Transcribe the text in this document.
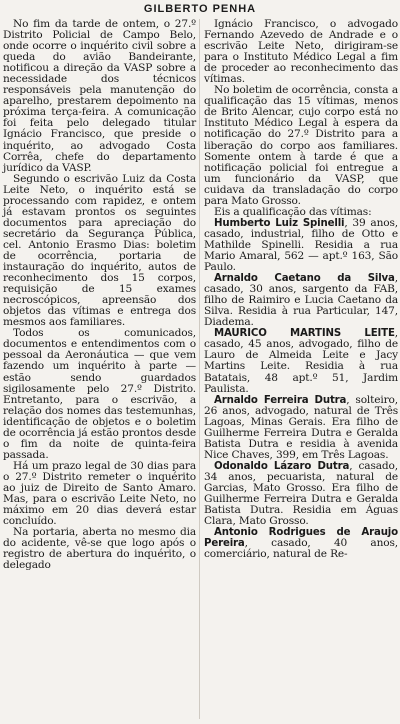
GILBERTO PENHA

No fim da tarde de ontem, o 27.º Distrito Policial de Campo Belo, onde ocorre o inquérito civil sobre a queda do avião Bandeirante, notificou a direção da VASP sobre a necessidade dos técnicos responsáveis pela manutenção do aparelho, prestarem depoimento na próxima terça-feira. A comunicação foi feita pelo delegado titular Ignácio Francisco, que preside o inquérito, ao advogado Costa Corrêa, chefe do departamento jurídico da VASP.

Segundo o escrivão Luiz da Costa Leite Neto, o inquérito está se processando com rapidez, e ontem já estavam prontos os seguintes documentos para apreciação do secretário da Segurança Pública, cel. Antonio Erasmo Dias: boletim de ocorrência, portaria de instauração do inquérito, autos de reconhecimento dos 15 corpos, requisição de 15 exames necroscópicos, apreensão dos objetos das vítimas e entrega dos mesmos aos familiares.

Todos os comunicados, documentos e entendimentos com o pessoal da Aeronáutica — que vem fazendo um inquérito à parte — estão sendo guardados sigilosamente pelo 27.º Distrito. Entretanto, para o escrivão, a relação dos nomes das testemunhas, identificação de objetos e o boletim de ocorrência já estão prontos desde o fim da noite de quinta-feira passada.

Há um prazo legal de 30 dias para o 27.º Distrito remeter o inquérito ao juiz de Direito de Santo Amaro. Mas, para o escrivão Leite Neto, no máximo em 20 dias deverá estar concluído.

Na portaria, aberta no mesmo dia do acidente, vê-se que logo após o registro de abertura do inquérito, o delegado

Ignácio Francisco, o advogado Fernando Azevedo de Andrade e o escrivão Leite Neto, dirigiram-se para o Instituto Médico Legal a fim de proceder ao reconhecimento das vítimas.

No boletim de ocorrência, consta a qualificação das 15 vítimas, menos de Brito Alencar, cujo corpo está no Instituto Médico Legal à espera da notificação do 27.º Distrito para a liberação do corpo aos familiares. Somente ontem à tarde é que a notificação policial foi entregue a um funcionário da VASP, que cuidava da transladação do corpo para Mato Grosso.

Eis a qualificação das vítimas:

Humberto Luiz Spinelli, 39 anos, casado, industrial, filho de Otto e Mathilde Spinelli. Residia a rua Mario Amaral, 562 — apt.º 163, São Paulo.

Arnaldo Caetano da Silva, casado, 30 anos, sargento da FAB, filho de Raimiro e Lucia Caetano da Silva. Residia à rua Particular, 147, Diadema.

MAURICO MARTINS LEITE, casado, 45 anos, advogado, filho de Lauro de Almeida Leite e Jacy Martins Leite. Residia à rua Batatais, 48 apt.º 51, Jardim Paulista.

Arnaldo Ferreira Dutra, solteiro, 26 anos, advogado, natural de Três Lagoas, Minas Gerais. Era filho de Guilherme Ferreira Dutra e Geralda Batista Dutra e residia à avenida Nice Chaves, 399, em Três Lagoas.

Odonaldo Lázaro Dutra, casado, 34 anos, pecuarista, natural de Garcias, Mato Grosso. Era filho de Guilherme Ferreira Dutra e Geralda Batista Dutra. Residia em Águas Clara, Mato Grosso.

Antonio Rodrigues de Araujo Pereira, casado, 40 anos, comerciário, natural de Re-
